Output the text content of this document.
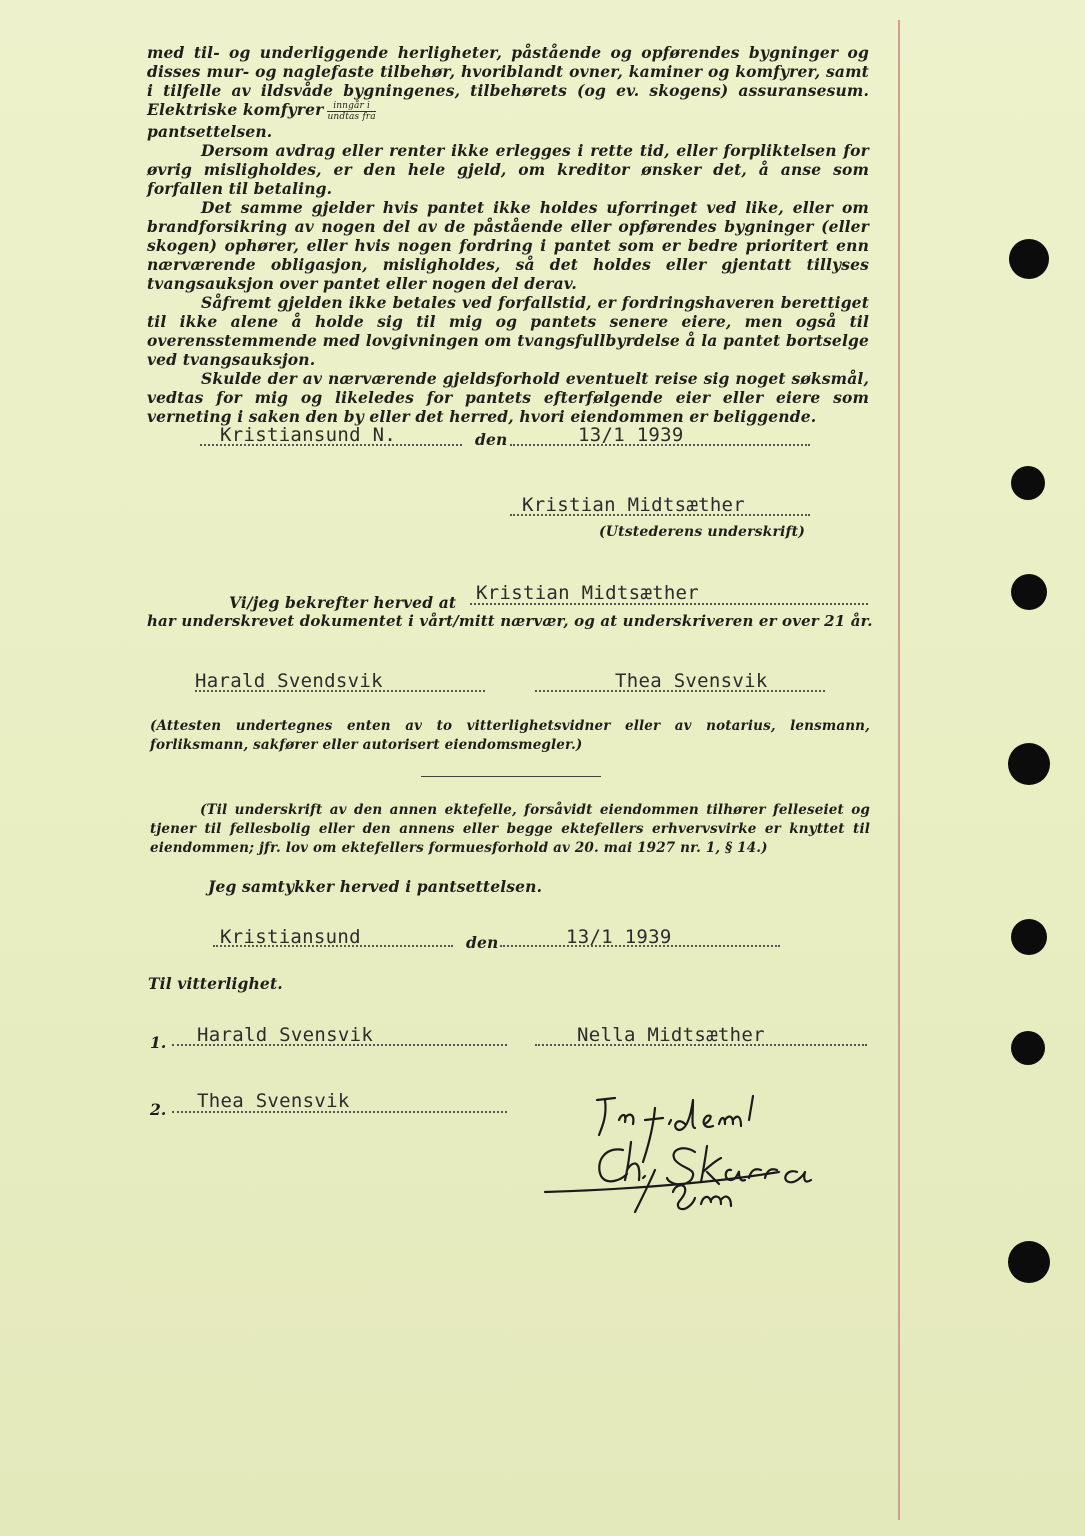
med til- og underliggende herligheter, påstående og opførendes bygninger og disses mur- og naglefaste tilbehør, hvoriblandt ovner, kaminer og komfyrer, samt i tilfelle av ildsvåde bygningenes, tilbehørets (og ev. skogens) assuransesum. Elektriske komfyrer	inngår i
undtas fra

pantsettelsen.

Dersom avdrag eller renter ikke erlegges i rette tid, eller forpliktelsen for øvrig misligholdes, er den hele gjeld, om kreditor ønsker det, å anse som forfallen til betaling.

Det samme gjelder hvis pantet ikke holdes uforringet ved like, eller om brandforsikring av nogen del av de påstående eller opførendes bygninger (eller skogen) ophører, eller hvis nogen fordring i pantet som er bedre prioritert enn nærværende obligasjon, misligholdes, så det holdes eller gjentatt tillyses tvangsauksjon over pantet eller nogen del derav.

Såfremt gjelden ikke betales ved forfallstid, er fordringshaveren berettiget til ikke alene å holde sig til mig og pantets senere eiere, men også til overensstemmende med lovgivningen om tvangsfullbyrdelse å la pantet bortselge ved tvangsauksjon.

Skulde der av nærværende gjeldsforhold eventuelt reise sig noget søksmål, vedtas for mig og likeledes for pantets efterfølgende eier eller eiere som verneting i saken den by eller det herred, hvori eiendommen er beliggende.

Kristiansund N.	den	13/1 1939
Kristian Midtsæther
(Utstederens underskrift)
Vi/jeg bekrefter herved at Kristian Midtsæther
har underskrevet dokumentet i vårt/mitt nærvær, og at underskriveren er over 21 år.
Harald Svendsvik	Thea Svensvik

(Attesten undertegnes enten av to vitterlighetsvidner eller av notarius, lensmann, forliksmann, sakfører eller autorisert eiendomsmegler.)

(Til underskrift av den annen ektefelle, forsåvidt eiendommen tilhører felleseiet og tjener til fellesbolig eller den annens eller begge ektefellers erhvervsvirke er knyttet til eiendommen; jfr. lov om ektefellers formuesforhold av 20. mai 1927 nr. 1, § 14.)

Jeg samtykker herved i pantsettelsen.
Kristiansund	den	13/1 1939
Til vitterlighet.
1. Harald Svensvik	Nella Midtsæther
2. Thea Svensvik
